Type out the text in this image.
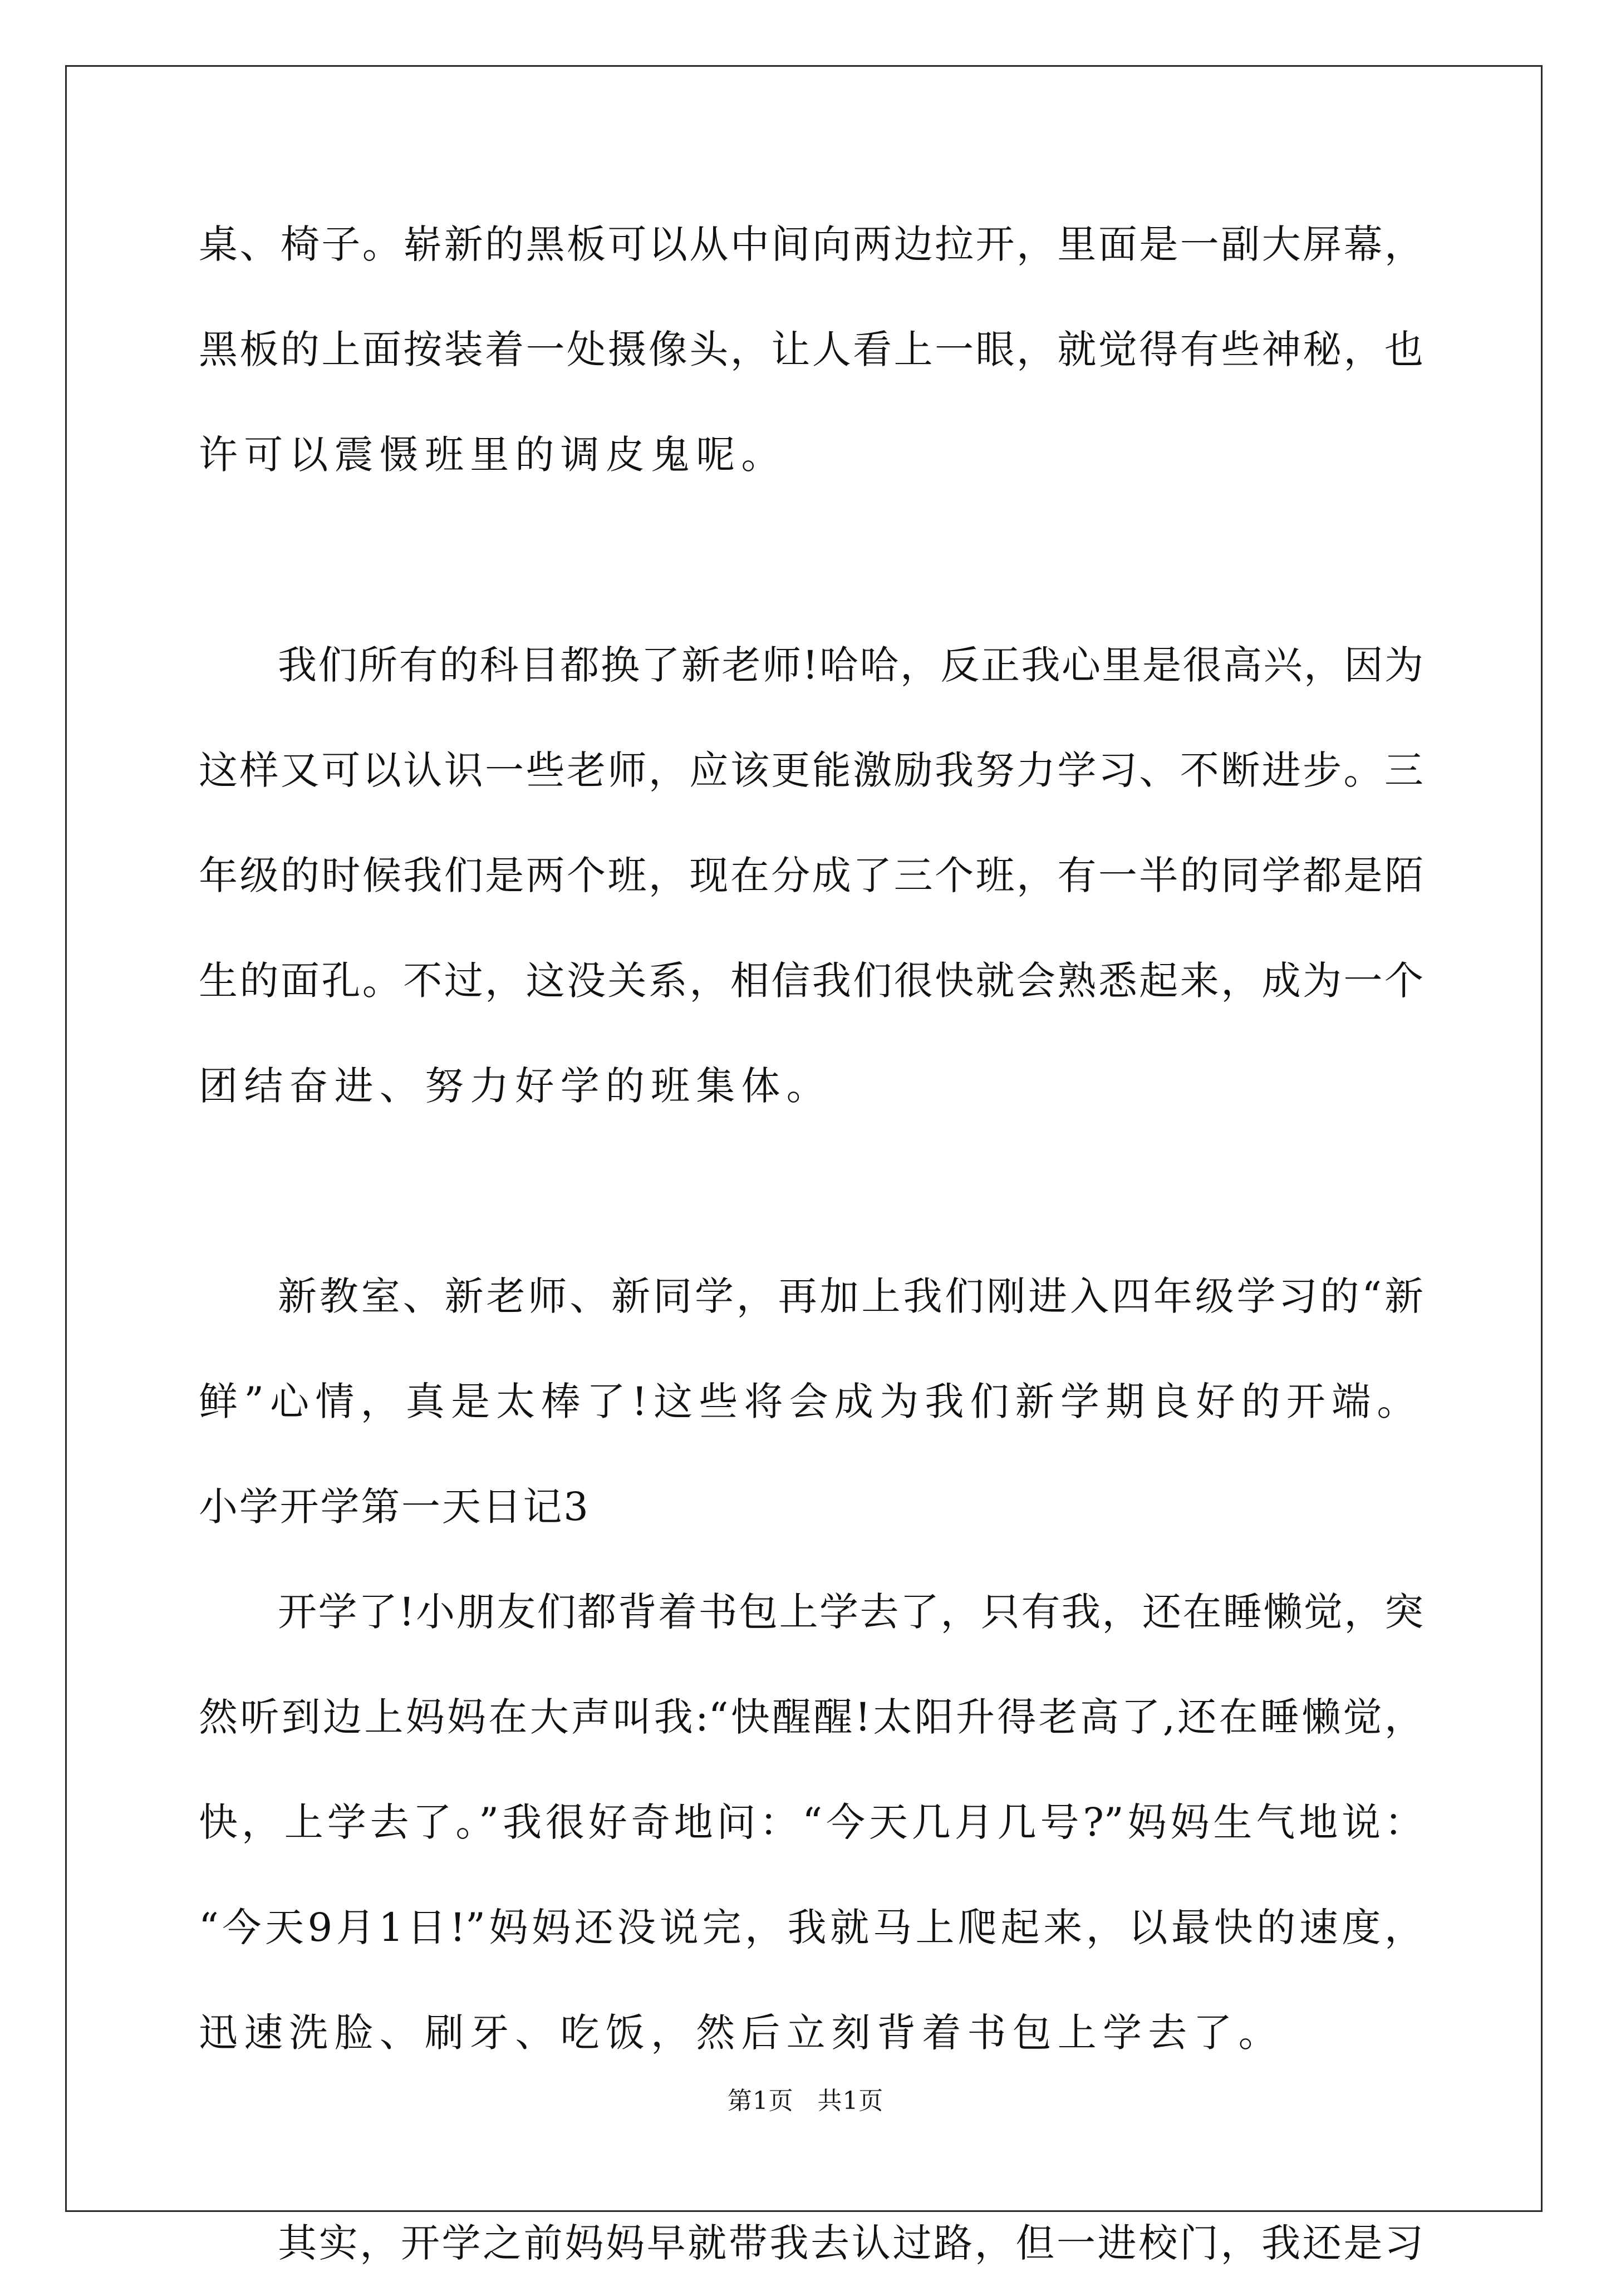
桌、椅子。崭新的黑板可以从中间向两边拉开，里面是一副大屏幕，
黑板的上面按装着一处摄像头，让人看上一眼，就觉得有些神秘，也
许可以震慑班里的调皮鬼呢。
我们所有的科目都换了新老师!哈哈，反正我心里是很高兴，因为
这样又可以认识一些老师，应该更能激励我努力学习、不断进步。三
年级的时候我们是两个班，现在分成了三个班，有一半的同学都是陌
生的面孔。不过，这没关系，相信我们很快就会熟悉起来，成为一个
团结奋进、努力好学的班集体。
新教室、新老师、新同学，再加上我们刚进入四年级学习的“新
鲜”心情，真是太棒了!这些将会成为我们新学期良好的开端。
小学开学第一天日记3
开学了!小朋友们都背着书包上学去了，只有我，还在睡懒觉，突
然听到边上妈妈在大声叫我:“快醒醒!太阳升得老高了,还在睡懒觉，
快，上学去了。”我很好奇地问：“今天几月几号?”妈妈生气地说：
“今天9月1日!”妈妈还没说完，我就马上爬起来，以最快的速度，
迅速洗脸、刷牙、吃饭，然后立刻背着书包上学去了。
其实，开学之前妈妈早就带我去认过路，但一进校门，我还是习
第1页 共1页
